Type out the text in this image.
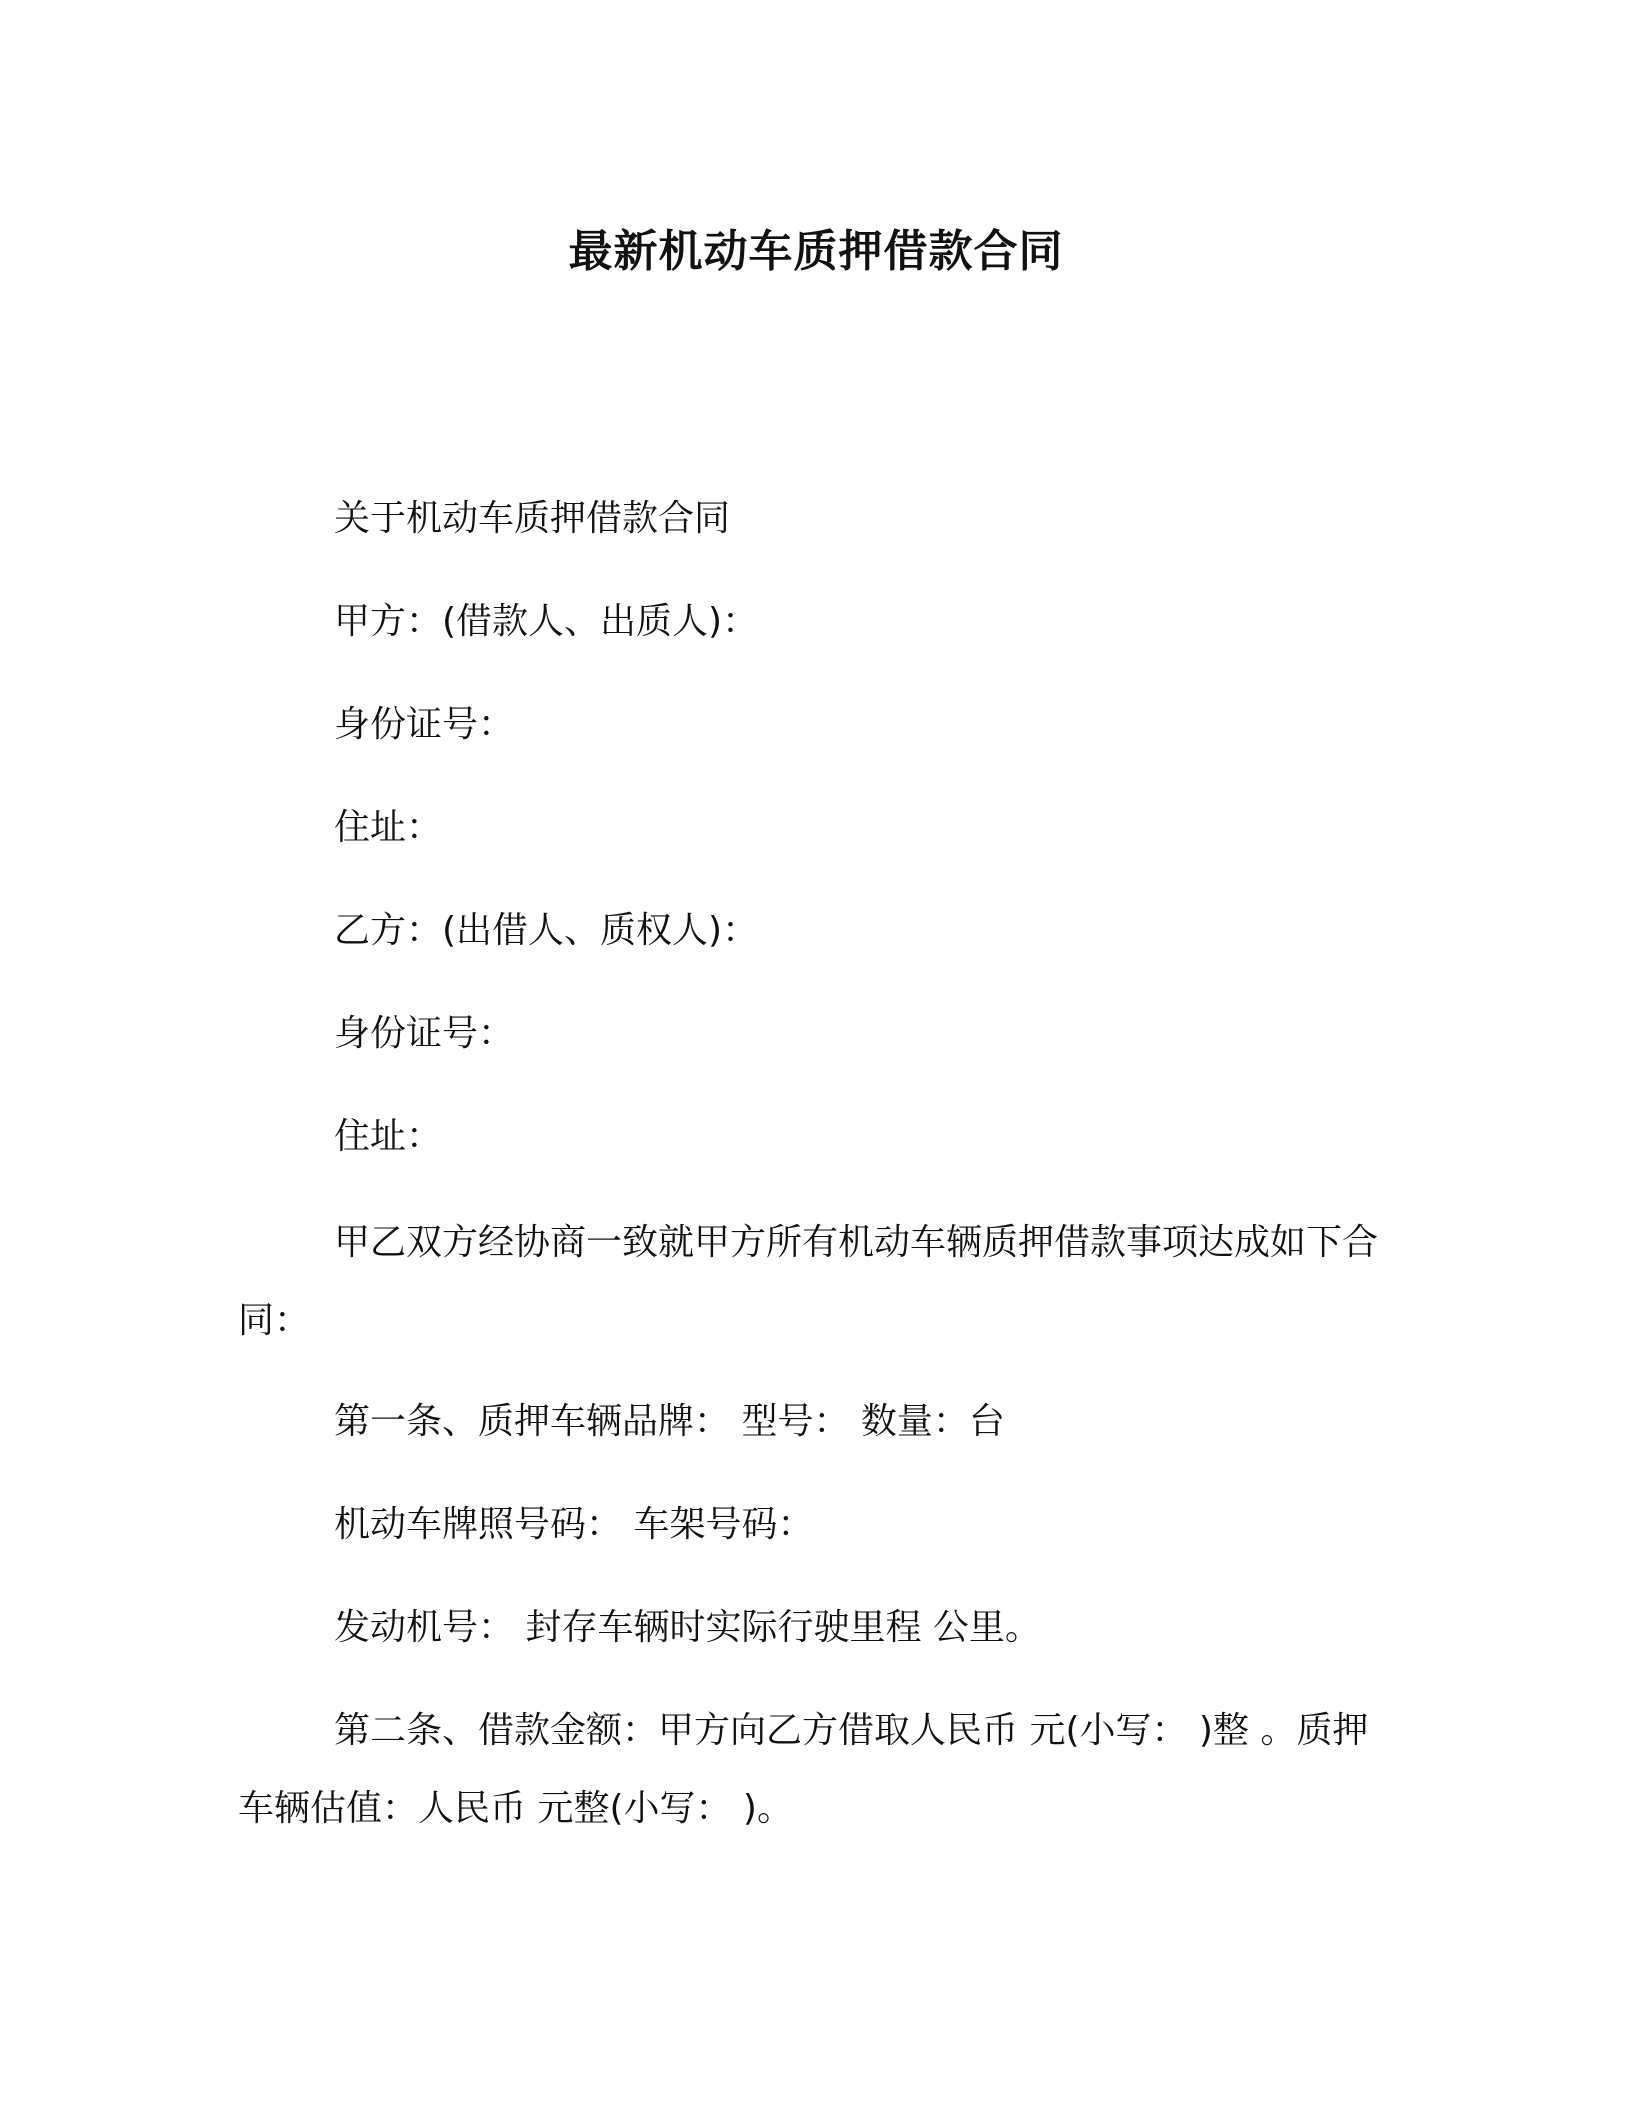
最新机动车质押借款合同
关于机动车质押借款合同
甲方：(借款人、出质人)：
身份证号：
住址：
乙方：(出借人、质权人)：
身份证号：
住址：
甲乙双方经协商一致就甲方所有机动车辆质押借款事项达成如下合同：
第一条、质押车辆品牌： 型号： 数量：台
机动车牌照号码： 车架号码：
发动机号： 封存车辆时实际行驶里程 公里。
第二条、借款金额：甲方向乙方借取人民币 元(小写： )整 。质押车辆估值：人民币 元整(小写： )。
